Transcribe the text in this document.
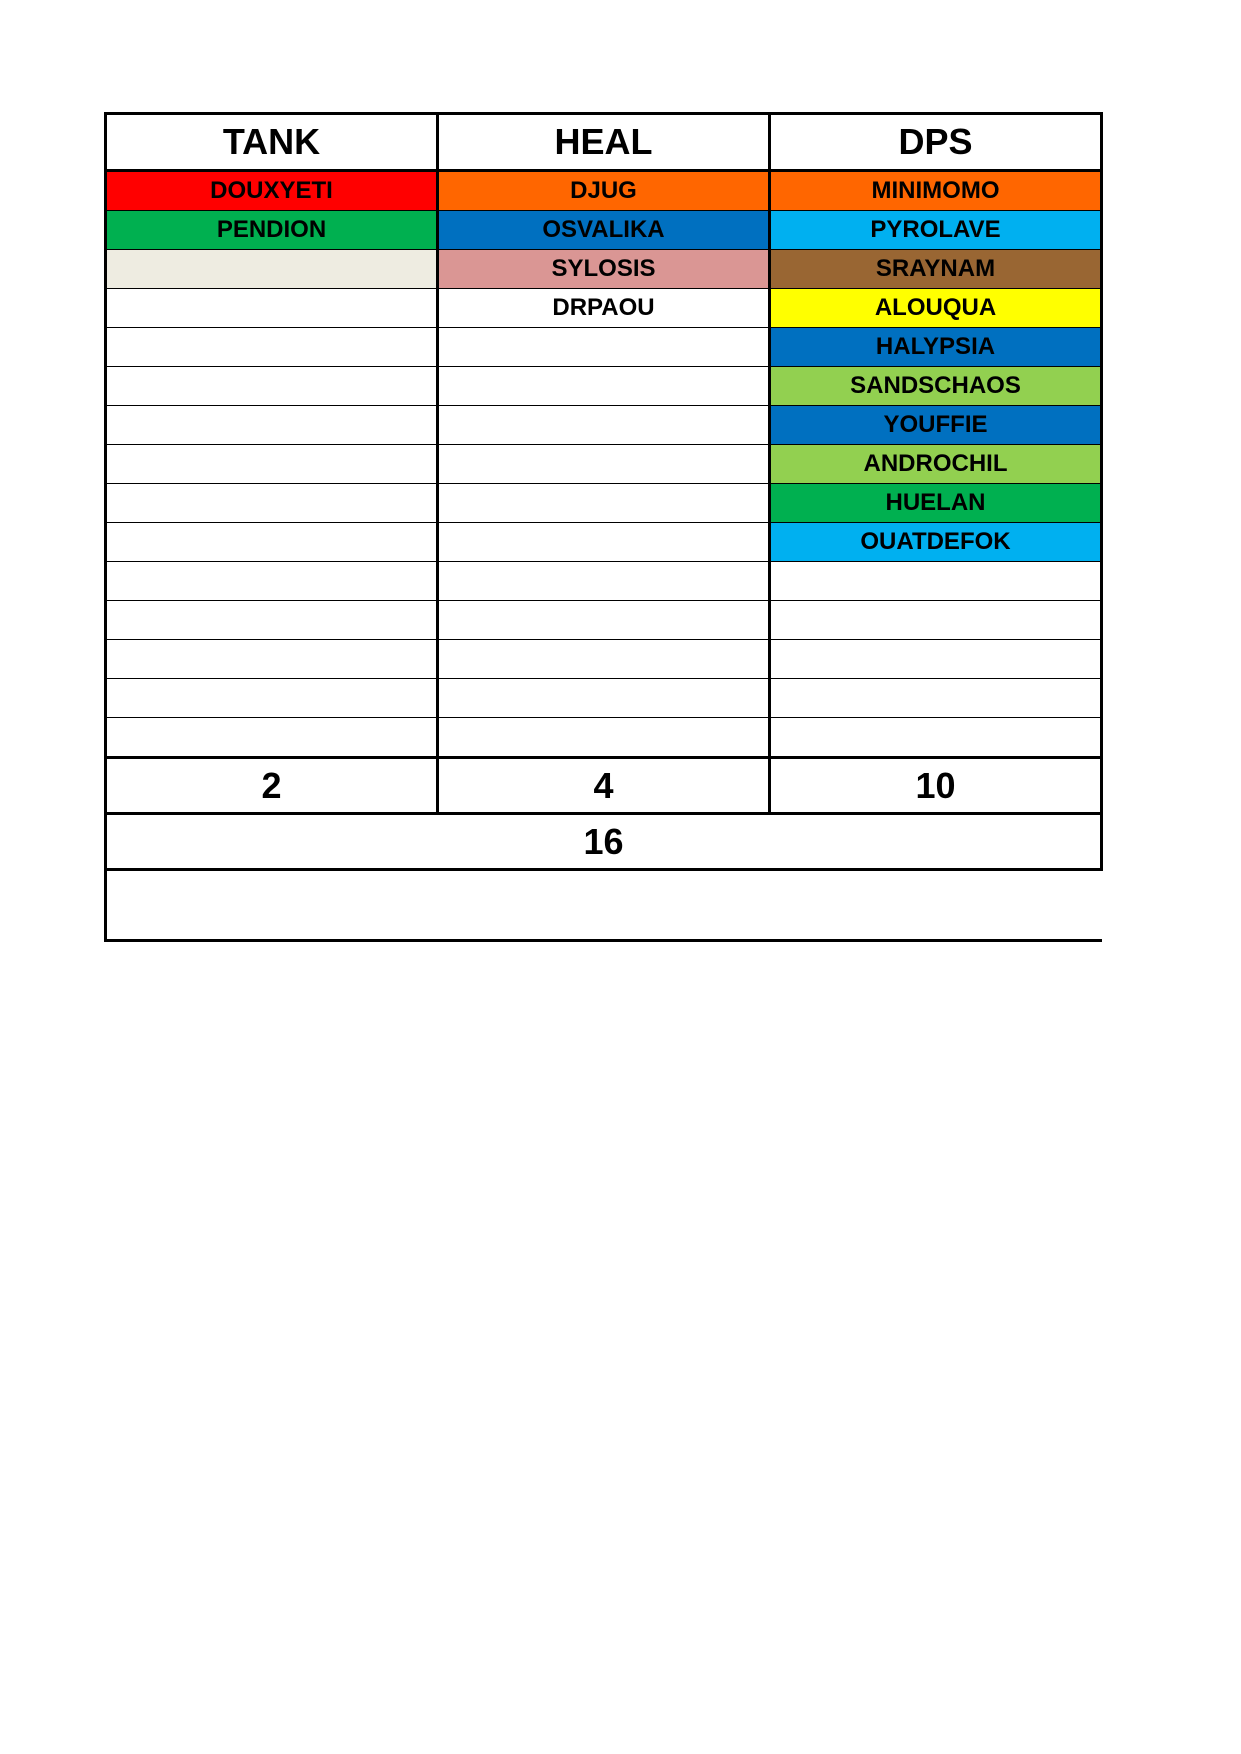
TANK	HEAL	DPS
DOUXYETI	DJUG	MINIMOMO
PENDION	OSVALIKA	PYROLAVE
	SYLOSIS	SRAYNAM
	DRPAOU	ALOUQUA
		HALYPSIA
		SANDSCHAOS
		YOUFFIE
		ANDROCHIL
		HUELAN
		OUATDEFOK

2	4	10
16		
